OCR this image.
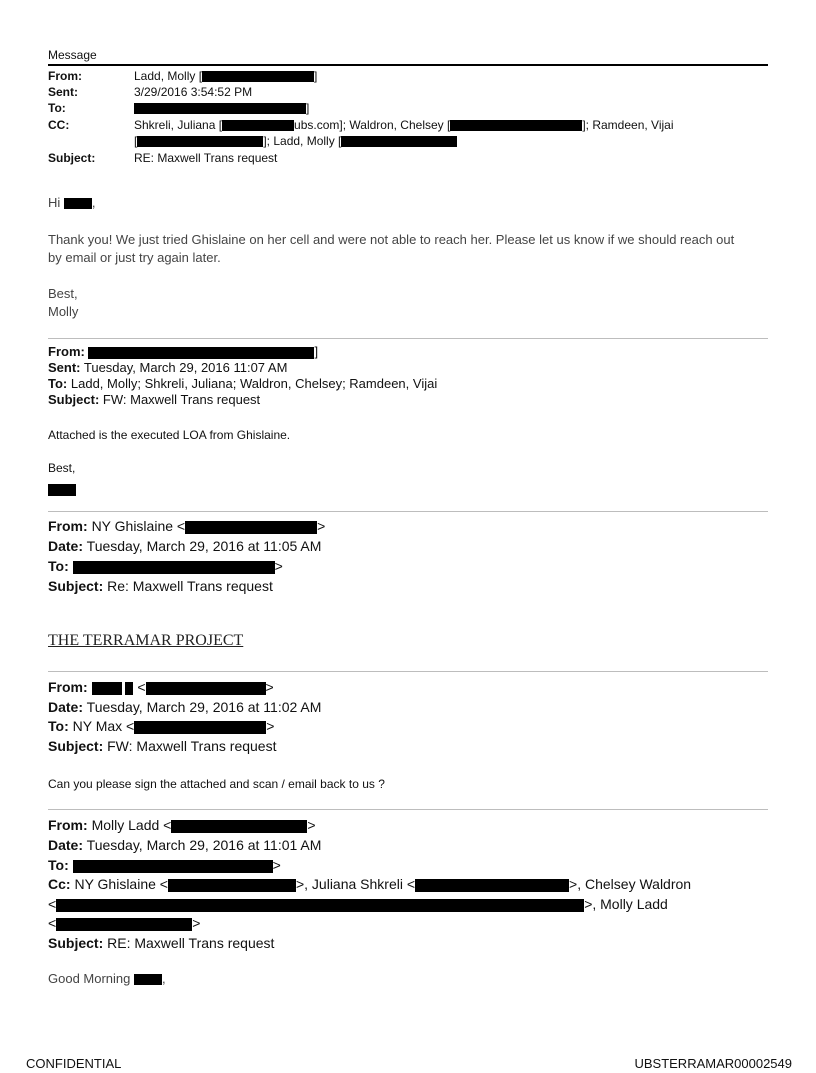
Message
From:	Ladd, Molly [	]
Sent:	3/29/2016 3:54:52 PM
To:	]
CC:	Shkreli, Juliana [	ubs.com]; Waldron, Chelsey [	]; Ramdeen, Vijai
[	]; Ladd, Molly [
Subject:	RE: Maxwell Trans request
Hi ,
Thank you! We just tried Ghislaine on her cell and were not able to reach her. Please let us know if we should reach out
by email or just try again later.
Best,
Molly
From:	]
Sent: Tuesday, March 29, 2016 11:07 AM
To: Ladd, Molly; Shkreli, Juliana; Waldron, Chelsey; Ramdeen, Vijai
Subject: FW: Maxwell Trans request
Attached is the executed LOA from Ghislaine.
Best,
From: NY Ghislaine <	>
Date: Tuesday, March 29, 2016 at 11:05 AM
To:	>
Subject: Re: Maxwell Trans request
THE TERRAMAR PROJECT
From:	<	>
Date: Tuesday, March 29, 2016 at 11:02 AM
To: NY Max <	>
Subject: FW: Maxwell Trans request
Can you please sign the attached and scan / email back to us ?
From: Molly Ladd <	>
Date: Tuesday, March 29, 2016 at 11:01 AM
To:	>
Cc: NY Ghislaine <	>, Juliana Shkreli <	>, Chelsey Waldron
<	>, Molly Ladd
<	>
Subject: RE: Maxwell Trans request
Good Morning ,
CONFIDENTIAL	UBSTERRAMAR00002549
